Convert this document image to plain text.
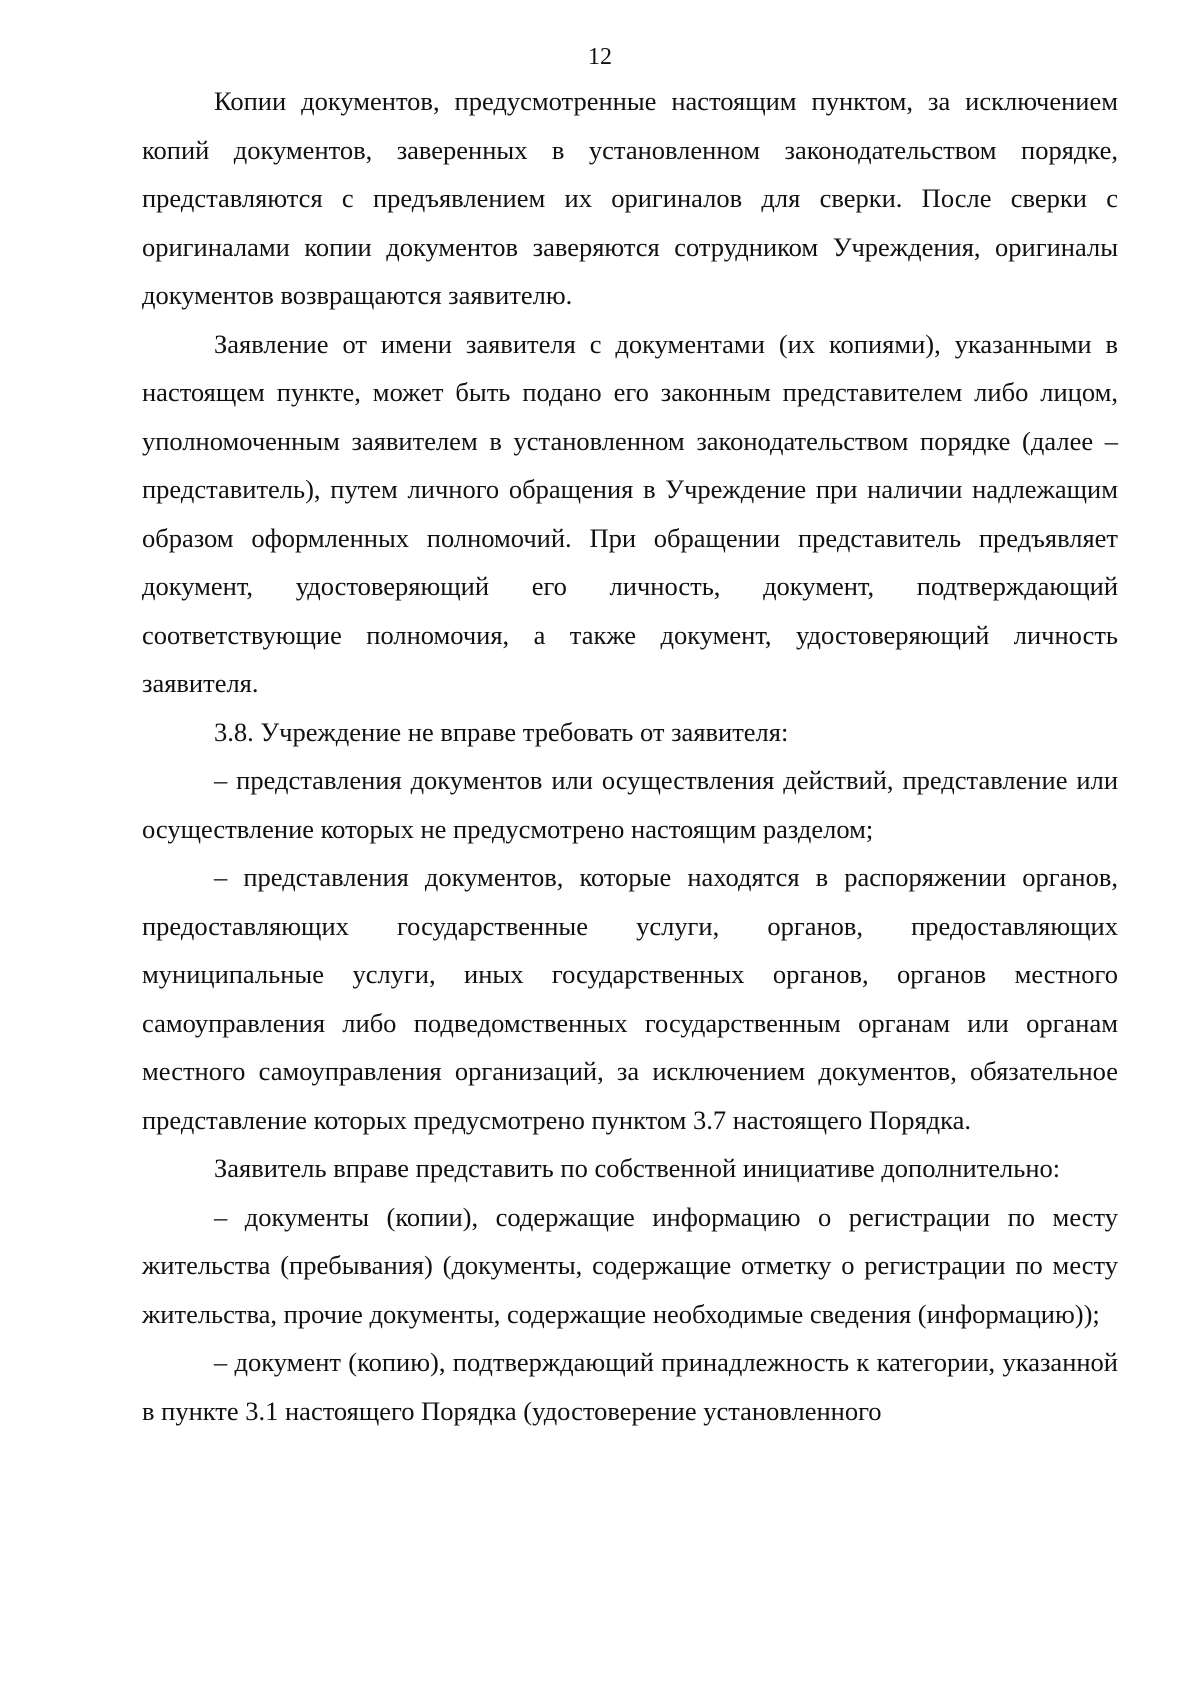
12

Копии документов, предусмотренные настоящим пунктом, за исключением копий документов, заверенных в установленном законодательством порядке, представляются с предъявлением их оригиналов для сверки. После сверки с оригиналами копии документов заверяются сотрудником Учреждения, оригиналы документов возвращаются заявителю.

Заявление от имени заявителя с документами (их копиями), указанными в настоящем пункте, может быть подано его законным представителем либо лицом, уполномоченным заявителем в установленном законодательством порядке (далее – представитель), путем личного обращения в Учреждение при наличии надлежащим образом оформленных полномочий. При обращении представитель предъявляет документ, удостоверяющий его личность, документ, подтверждающий соответствующие полномочия, а также документ, удостоверяющий личность заявителя.

3.8. Учреждение не вправе требовать от заявителя:

– представления документов или осуществления действий, представление или осуществление которых не предусмотрено настоящим разделом;

– представления документов, которые находятся в распоряжении органов, предоставляющих государственные услуги, органов, предоставляющих муниципальные услуги, иных государственных органов, органов местного самоуправления либо подведомственных государственным органам или органам местного самоуправления организаций, за исключением документов, обязательное представление которых предусмотрено пунктом 3.7 настоящего Порядка.

Заявитель вправе представить по собственной инициативе дополнительно:

– документы (копии), содержащие информацию о регистрации по месту жительства (пребывания) (документы, содержащие отметку о регистрации по месту жительства, прочие документы, содержащие необходимые сведения (информацию));

– документ (копию), подтверждающий принадлежность к категории, указанной в пункте 3.1 настоящего Порядка (удостоверение установленного
